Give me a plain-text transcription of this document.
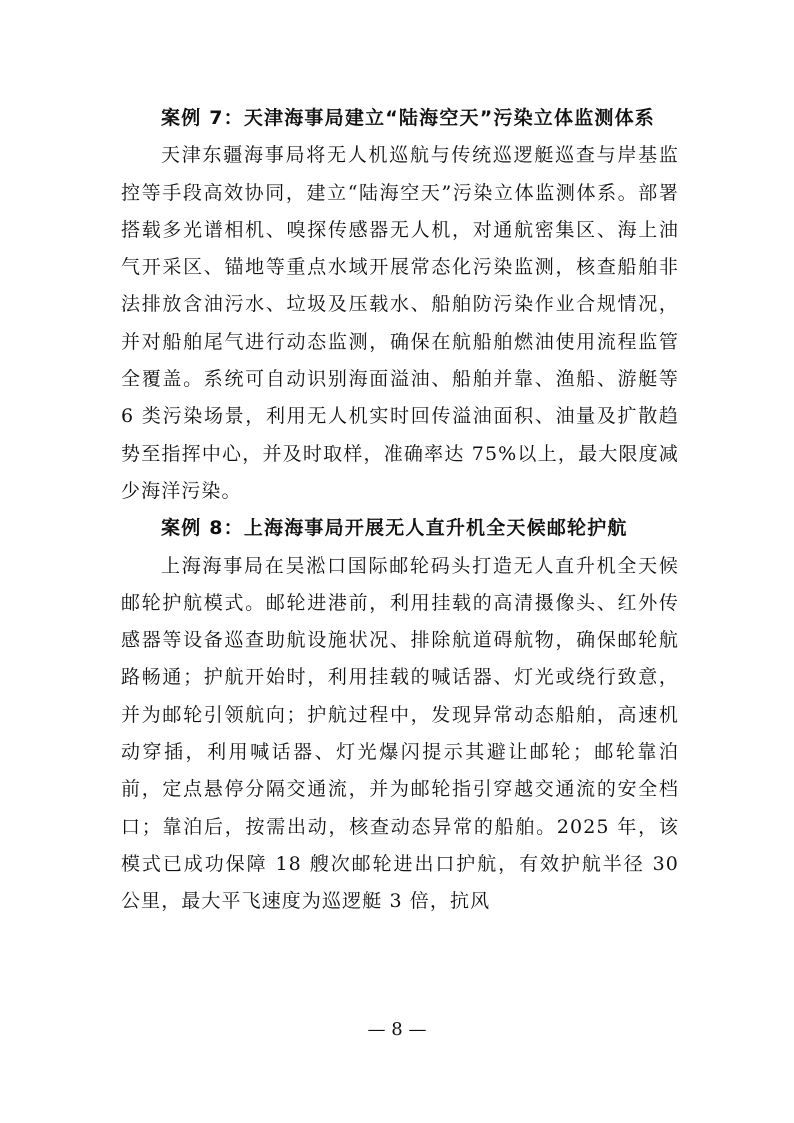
案例 7：天津海事局建立“陆海空天”污染立体监测体系

天津东疆海事局将无人机巡航与传统巡逻艇巡查与岸基监控等手段高效协同，建立“陆海空天”污染立体监测体系。部署搭载多光谱相机、嗅探传感器无人机，对通航密集区、海上油气开采区、锚地等重点水域开展常态化污染监测，核查船舶非法排放含油污水、垃圾及压载水、船舶防污染作业合规情况，并对船舶尾气进行动态监测，确保在航船舶燃油使用流程监管全覆盖。系统可自动识别海面溢油、船舶并靠、渔船、游艇等 6 类污染场景，利用无人机实时回传溢油面积、油量及扩散趋势至指挥中心，并及时取样，准确率达 75%以上，最大限度减少海洋污染。

案例 8：上海海事局开展无人直升机全天候邮轮护航

上海海事局在吴淞口国际邮轮码头打造无人直升机全天候邮轮护航模式。邮轮进港前，利用挂载的高清摄像头、红外传感器等设备巡查助航设施状况、排除航道碍航物，确保邮轮航路畅通；护航开始时，利用挂载的喊话器、灯光或绕行致意，并为邮轮引领航向；护航过程中，发现异常动态船舶，高速机动穿插，利用喊话器、灯光爆闪提示其避让邮轮；邮轮靠泊前，定点悬停分隔交通流，并为邮轮指引穿越交通流的安全档口；靠泊后，按需出动，核查动态异常的船舶。2025 年，该模式已成功保障 18 艘次邮轮进出口护航，有效护航半径 30 公里，最大平飞速度为巡逻艇 3 倍，抗风

— 8 —
